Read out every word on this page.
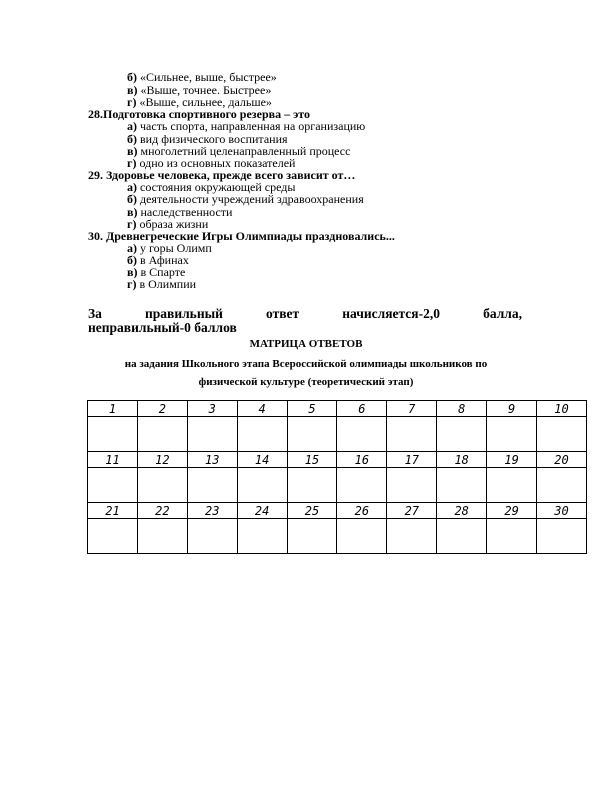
б) «Сильнее, выше, быстрее»
в) «Выше, точнее. Быстрее»
г) «Выше, сильнее, дальше»
28.Подготовка спортивного резерва – это
а) часть спорта, направленная на организацию
б) вид физического воспитания
в) многолетний целенаправленный процесс
г) одно из основных показателей
29. Здоровье человека, прежде всего зависит от…
а) состояния окружающей среды
б) деятельности учреждений здравоохранения
в) наследственности
г) образа жизни
30. Древнегреческие Игры Олимпиады праздновались...
а) у горы Олимп
б) в Афинах
в) в Спарте
г) в Олимпии
За	правильный	ответ	начисляется-2,0	балла,
неправильный-0 баллов
МАТРИЦА ОТВЕТОВ
на задания Школьного этапа Всероссийской олимпиады школьников по
физической культуре (теоретический этап)
1	2	3	4	5	6	7	8	9	10

11	12	13	14	15	16	17	18	19	20

21	22	23	24	25	26	27	28	29	30
